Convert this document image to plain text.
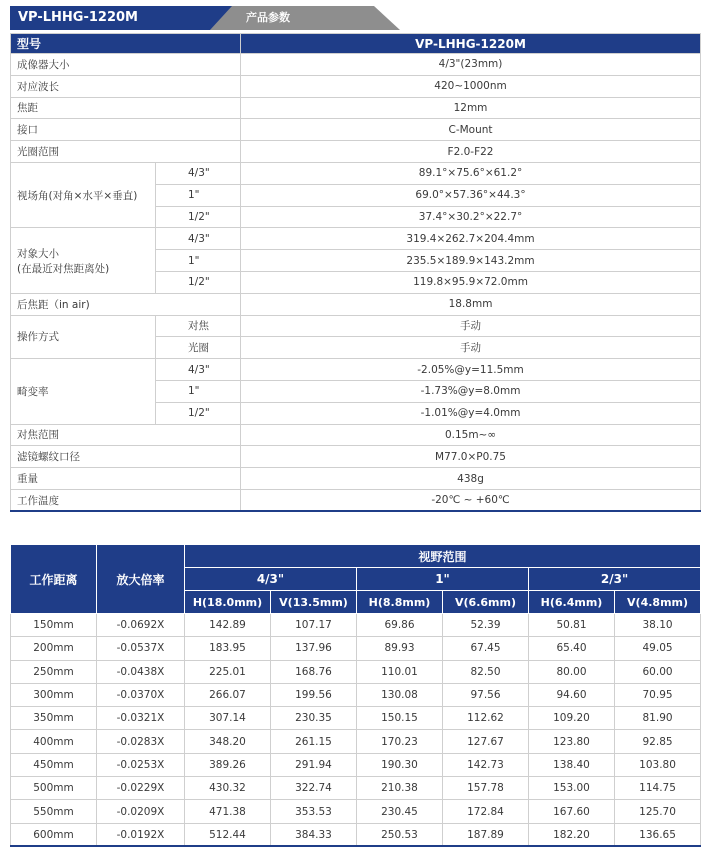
产品参数
VP-LHHG-1220M
型号		VP-LHHG-1220M
成像器大小		4/3"(23mm)
对应波长		420~1000nm
焦距		12mm
接口		C-Mount
光圈范围		F2.0-F22
视场角(对角×水平×垂直)	4/3"	89.1°×75.6°×61.2°
	1"	69.0°×57.36°×44.3°
	1/2"	37.4°×30.2°×22.7°

对象大小
(在最近对焦距离处)	4/3"	319.4×262.7×204.4mm
	1"	235.5×189.9×143.2mm
	1/2"	119.8×95.9×72.0mm
后焦距（in air)		18.8mm
操作方式	对焦	手动
	光圈	手动
畸变率	4/3"	-2.05%@y=11.5mm
	1"	-1.73%@y=8.0mm
	1/2"	-1.01%@y=4.0mm
对焦范围		0.15m~∞
滤镜螺纹口径		M77.0×P0.75
重量		438g
工作温度		-20℃ ~ +60℃
工作距离	放大倍率	视野范围					
		4/3"		1"		2/3"	
		H(18.0mm)	V(13.5mm)	H(8.8mm)	V(6.6mm)	H(6.4mm)	V(4.8mm)
150mm	-0.0692X	142.89	107.17	69.86	52.39	50.81	38.10
200mm	-0.0537X	183.95	137.96	89.93	67.45	65.40	49.05
250mm	-0.0438X	225.01	168.76	110.01	82.50	80.00	60.00
300mm	-0.0370X	266.07	199.56	130.08	97.56	94.60	70.95
350mm	-0.0321X	307.14	230.35	150.15	112.62	109.20	81.90
400mm	-0.0283X	348.20	261.15	170.23	127.67	123.80	92.85
450mm	-0.0253X	389.26	291.94	190.30	142.73	138.40	103.80
500mm	-0.0229X	430.32	322.74	210.38	157.78	153.00	114.75
550mm	-0.0209X	471.38	353.53	230.45	172.84	167.60	125.70
600mm	-0.0192X	512.44	384.33	250.53	187.89	182.20	136.65
